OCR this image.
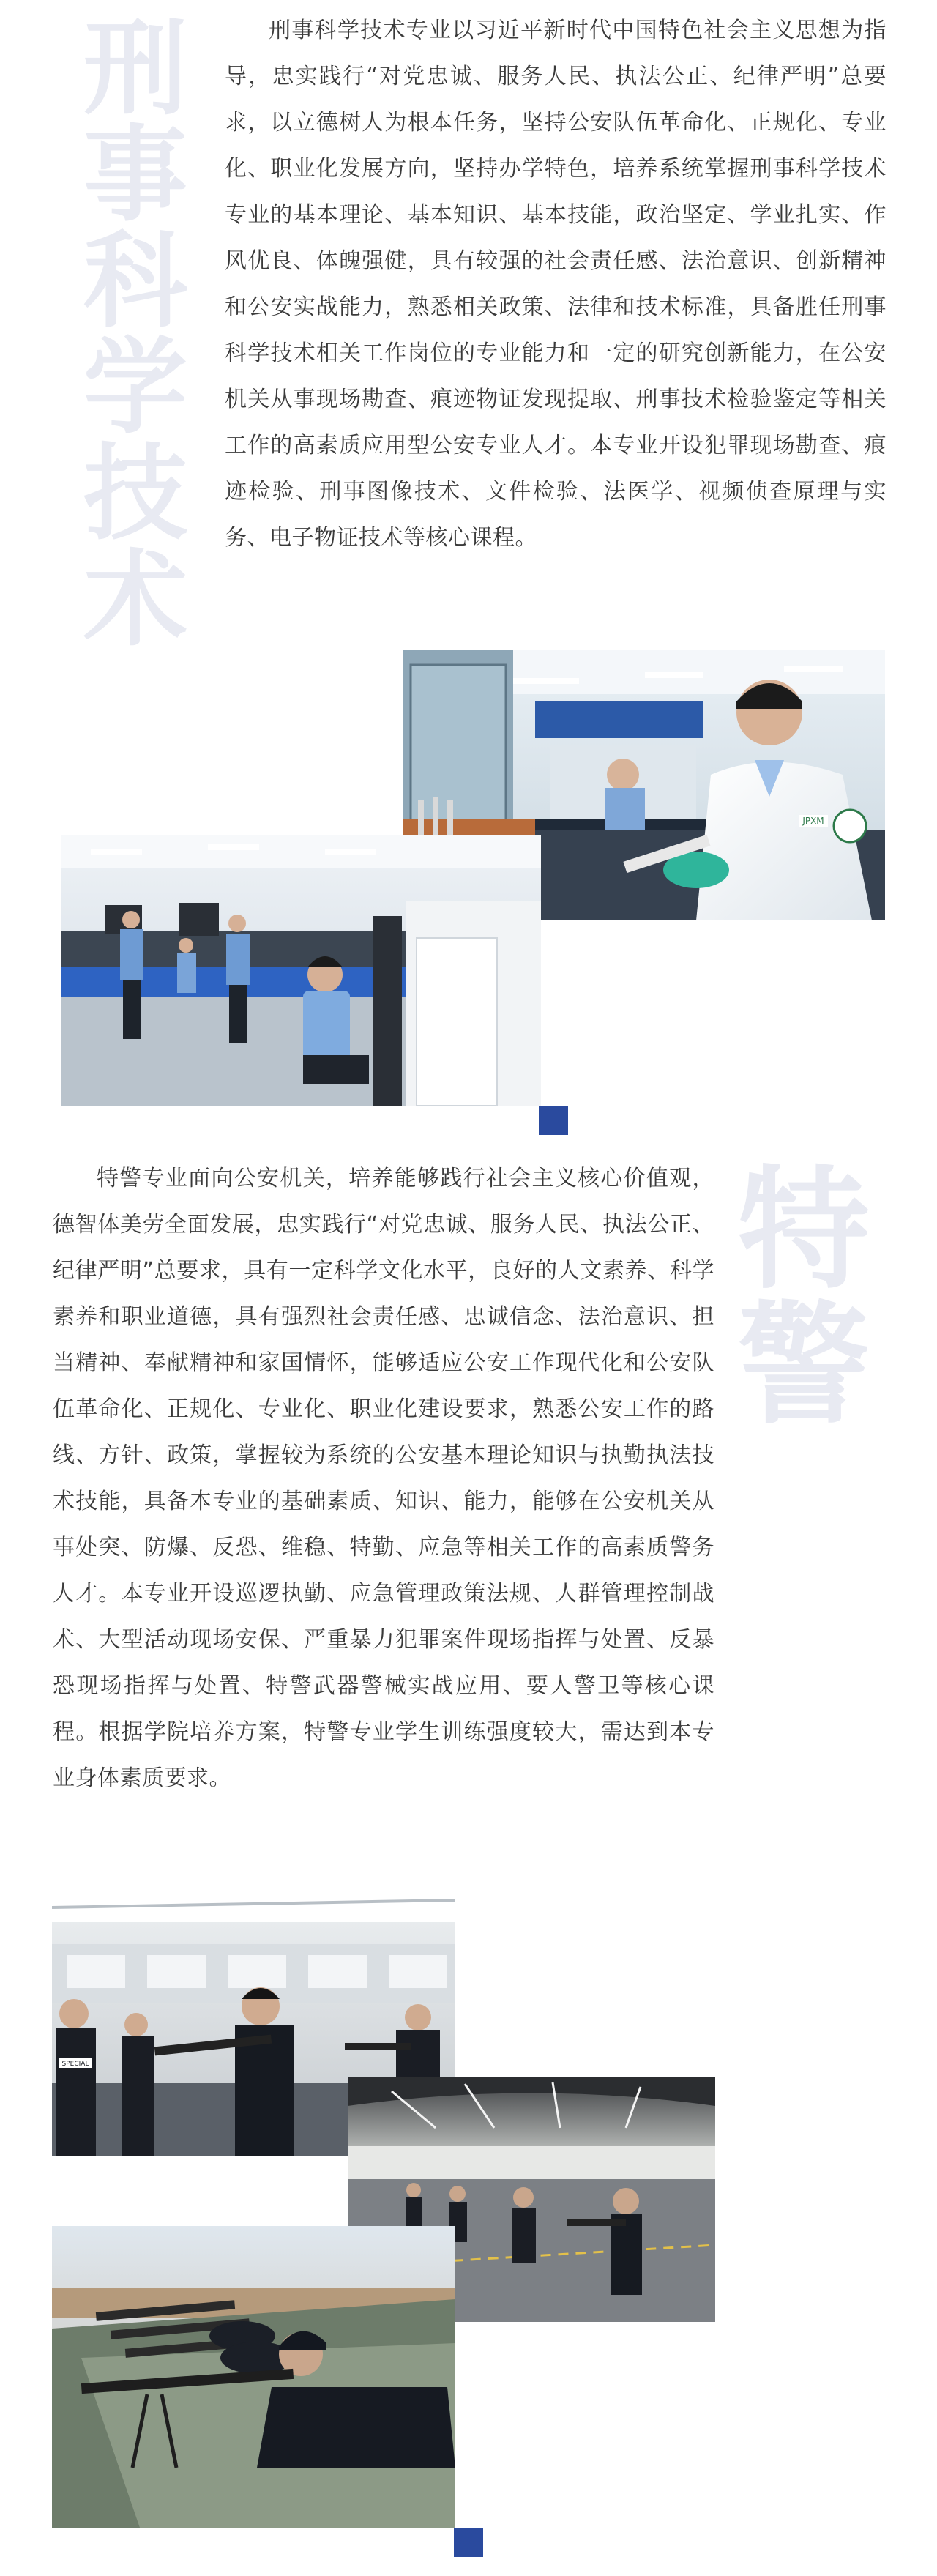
刑
事
科
学
技
术

刑事科学技术专业以习近平新时代中国特色社会主义思想为指导，忠实践行“对党忠诚、服务人民、执法公正、纪律严明”总要求，以立德树人为根本任务，坚持公安队伍革命化、正规化、专业化、职业化发展方向，坚持办学特色，培养系统掌握刑事科学技术专业的基本理论、基本知识、基本技能，政治坚定、学业扎实、作风优良、体魄强健，具有较强的社会责任感、法治意识、创新精神和公安实战能力，熟悉相关政策、法律和技术标准，具备胜任刑事科学技术相关工作岗位的专业能力和一定的研究创新能力，在公安机关从事现场勘查、痕迹物证发现提取、刑事技术检验鉴定等相关工作的高素质应用型公安专业人才。本专业开设犯罪现场勘查、痕迹检验、刑事图像技术、文件检验、法医学、视频侦查原理与实务、电子物证技术等核心课程。

JPXM
特
警

特警专业面向公安机关，培养能够践行社会主义核心价值观，德智体美劳全面发展，忠实践行“对党忠诚、服务人民、执法公正、纪律严明”总要求，具有一定科学文化水平，良好的人文素养、科学素养和职业道德，具有强烈社会责任感、忠诚信念、法治意识、担当精神、奉献精神和家国情怀，能够适应公安工作现代化和公安队伍革命化、正规化、专业化、职业化建设要求，熟悉公安工作的路线、方针、政策，掌握较为系统的公安基本理论知识与执勤执法技术技能，具备本专业的基础素质、知识、能力，能够在公安机关从事处突、防爆、反恐、维稳、特勤、应急等相关工作的高素质警务人才。本专业开设巡逻执勤、应急管理政策法规、人群管理控制战术、大型活动现场安保、严重暴力犯罪案件现场指挥与处置、反暴恐现场指挥与处置、特警武器警械实战应用、要人警卫等核心课程。根据学院培养方案，特警专业学生训练强度较大，需达到本专业身体素质要求。

SPECIAL
